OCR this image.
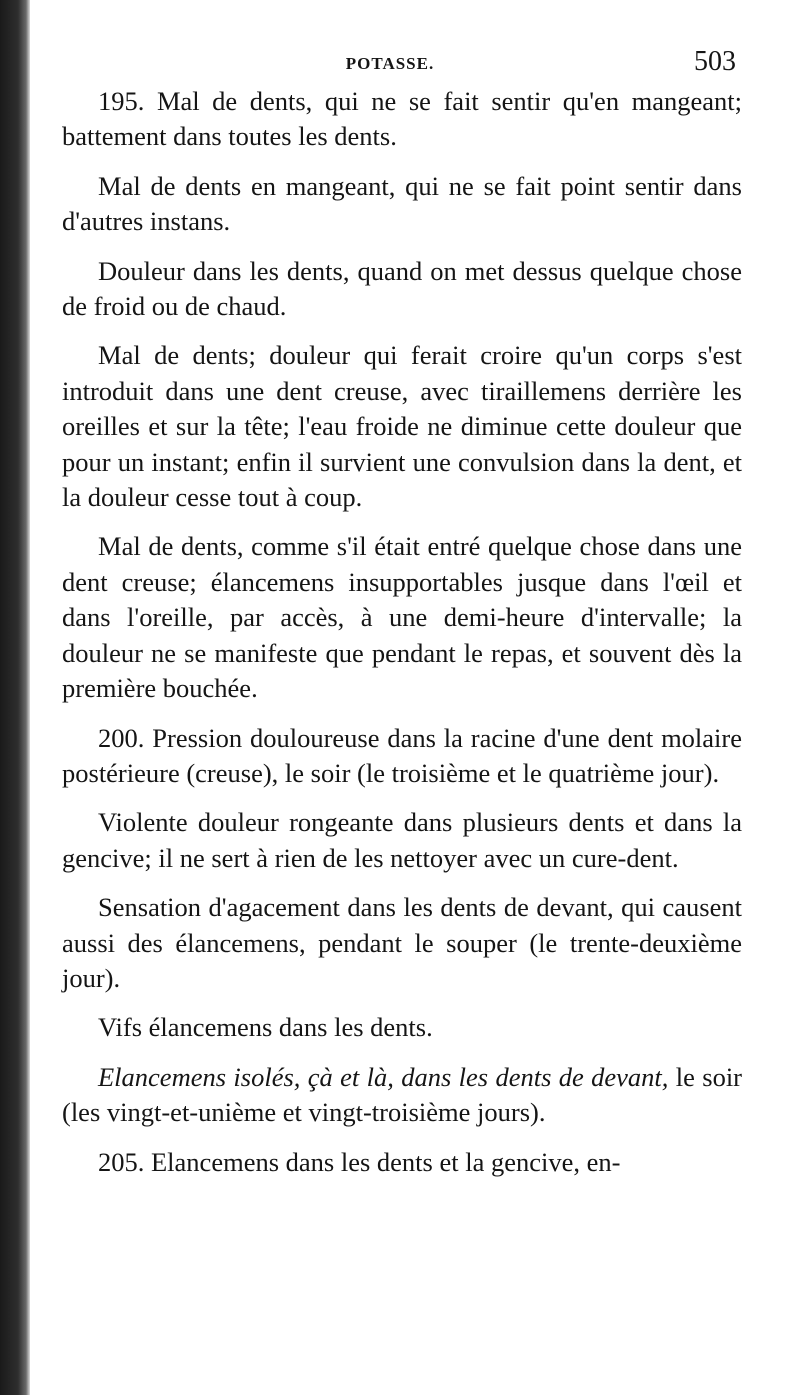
POTASSE.	503

195. Mal de dents, qui ne se fait sentir qu'en mangeant; battement dans toutes les dents.

Mal de dents en mangeant, qui ne se fait point sentir dans d'autres instans.

Douleur dans les dents, quand on met dessus quelque chose de froid ou de chaud.

Mal de dents; douleur qui ferait croire qu'un corps s'est introduit dans une dent creuse, avec tiraillemens derrière les oreilles et sur la tête; l'eau froide ne diminue cette douleur que pour un instant; enfin il survient une convulsion dans la dent, et la douleur cesse tout à coup.

Mal de dents, comme s'il était entré quelque chose dans une dent creuse; élancemens insupportables jusque dans l'œil et dans l'oreille, par accès, à une demi-heure d'intervalle; la douleur ne se manifeste que pendant le repas, et souvent dès la première bouchée.

200. Pression douloureuse dans la racine d'une dent molaire postérieure (creuse), le soir (le troisième et le quatrième jour).

Violente douleur rongeante dans plusieurs dents et dans la gencive; il ne sert à rien de les nettoyer avec un cure-dent.

Sensation d'agacement dans les dents de devant, qui causent aussi des élancemens, pendant le souper (le trente-deuxième jour).

Vifs élancemens dans les dents.

Elancemens isolés, çà et là, dans les dents de devant, le soir (les vingt-et-unième et vingt-troisième jours).

205. Elancemens dans les dents et la gencive, en-
